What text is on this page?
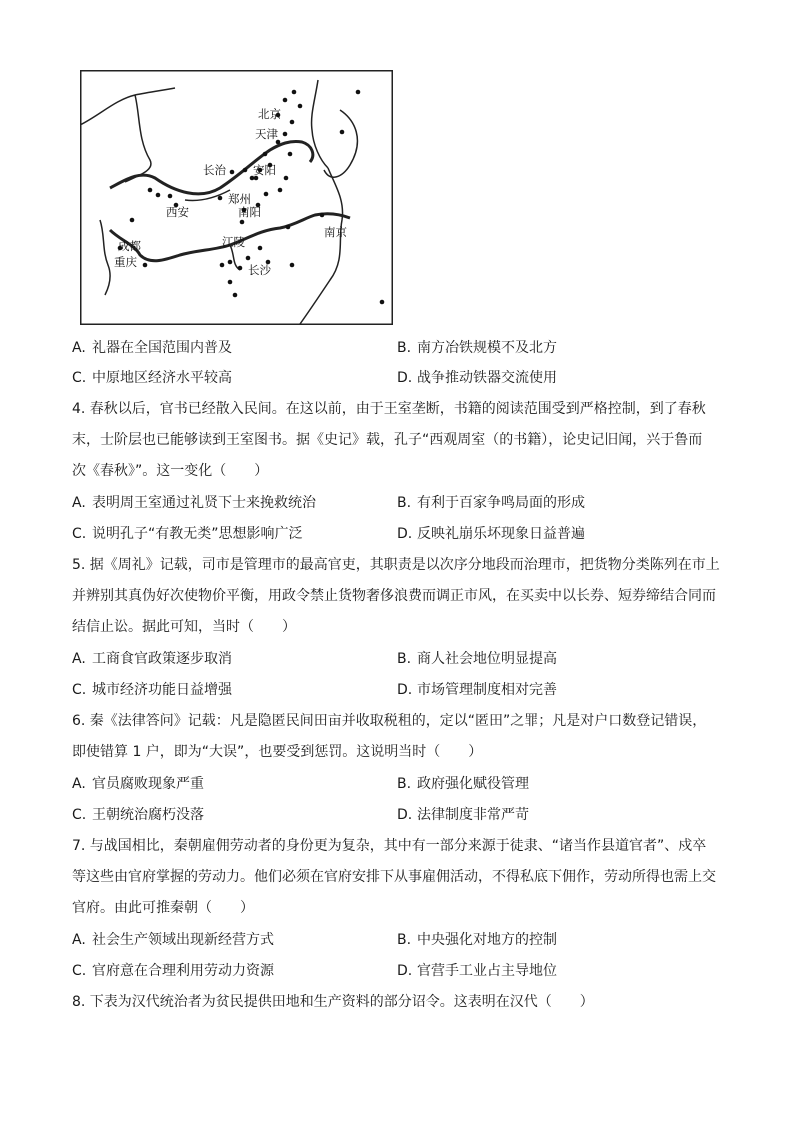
北京
天津
长治 安阳
西安
郑州
南阳
南京
成都	江陵
重庆
长沙
A. 礼器在全国范围内普及	B. 南方冶铁规模不及北方
C. 中原地区经济水平较高	D. 战争推动铁器交流使用
4. 春秋以后，官书已经散入民间。在这以前，由于王室垄断，书籍的阅读范围受到严格控制，到了春秋
末，士阶层也已能够读到王室图书。据《史记》载，孔子“西观周室（的书籍），论史记旧闻，兴于鲁而
次《春秋》”。这一变化（　　）
A. 表明周王室通过礼贤下士来挽救统治	B. 有利于百家争鸣局面的形成
C. 说明孔子“有教无类”思想影响广泛	D. 反映礼崩乐坏现象日益普遍
5. 据《周礼》记载，司市是管理市的最高官吏，其职责是以次序分地段而治理市，把货物分类陈列在市上
并辨别其真伪好次使物价平衡，用政令禁止货物奢侈浪费而调正市风，在买卖中以长券、短券缔结合同而
结信止讼。据此可知，当时（　　）
A. 工商食官政策逐步取消	B. 商人社会地位明显提高
C. 城市经济功能日益增强	D. 市场管理制度相对完善
6. 秦《法律答问》记载：凡是隐匿民间田亩并收取税租的，定以“匿田”之罪；凡是对户口数登记错误，
即使错算 1 户，即为“大误”，也要受到惩罚。这说明当时（　　）
A. 官员腐败现象严重	B. 政府强化赋役管理
C. 王朝统治腐朽没落	D. 法律制度非常严苛
7. 与战国相比，秦朝雇佣劳动者的身份更为复杂，其中有一部分来源于徒隶、“诸当作县道官者”、戍卒
等这些由官府掌握的劳动力。他们必须在官府安排下从事雇佣活动，不得私底下佣作，劳动所得也需上交
官府。由此可推秦朝（　　）
A. 社会生产领域出现新经营方式	B. 中央强化对地方的控制
C. 官府意在合理利用劳动力资源	D. 官营手工业占主导地位
8. 下表为汉代统治者为贫民提供田地和生产资料的部分诏令。这表明在汉代（　　）
